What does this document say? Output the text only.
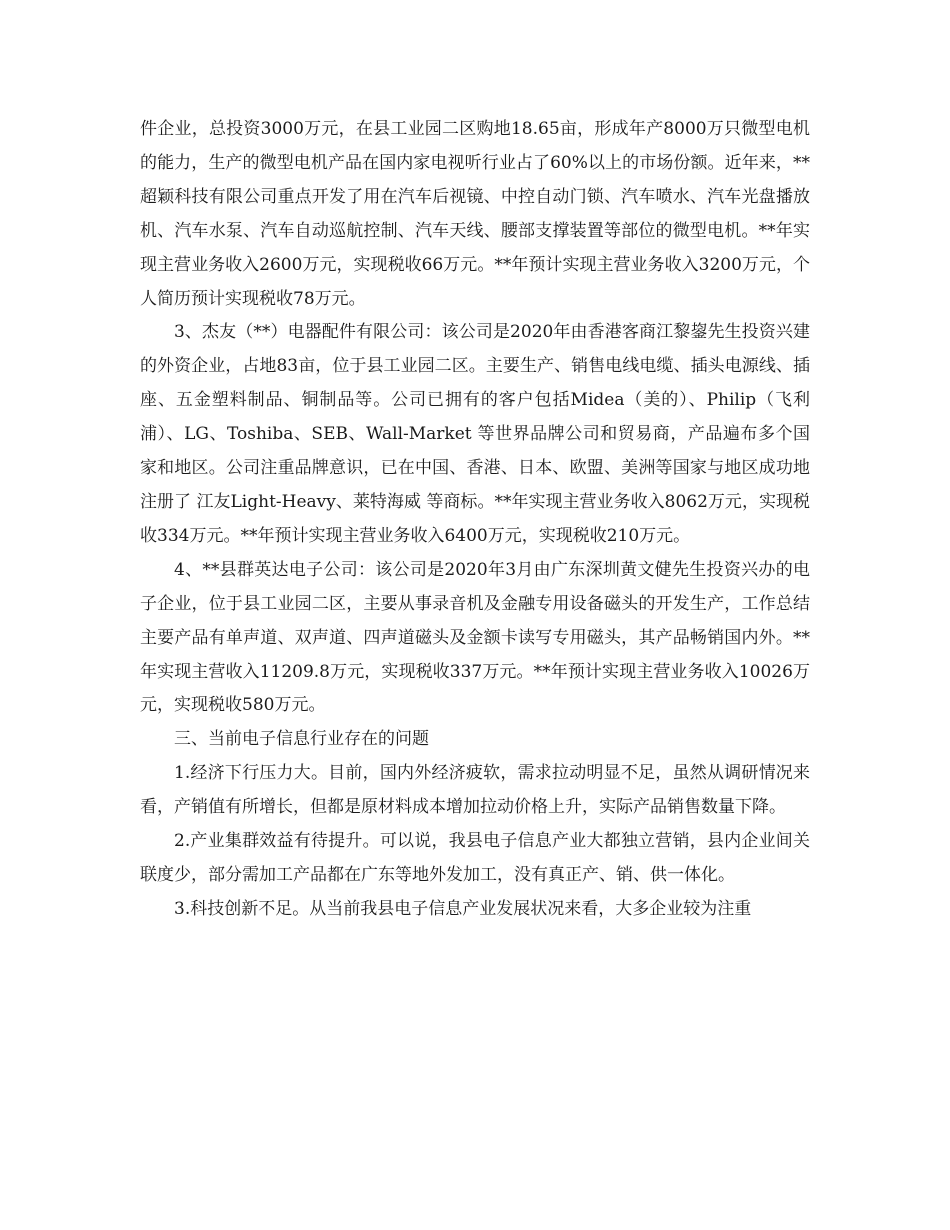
件企业，总投资3000万元，在县工业园二区购地18.65亩，形成年产8000万只微型电机的能力，生产的微型电机产品在国内家电视听行业占了60%以上的市场份额。近年来，**超颖科技有限公司重点开发了用在汽车后视镜、中控自动门锁、汽车喷水、汽车光盘播放机、汽车水泵、汽车自动巡航控制、汽车天线、腰部支撑装置等部位的微型电机。**年实现主营业务收入2600万元，实现税收66万元。**年预计实现主营业务收入3200万元，个人简历预计实现税收78万元。

3、杰友（**）电器配件有限公司：该公司是2020年由香港客商江黎鋆先生投资兴建的外资企业，占地83亩，位于县工业园二区。主要生产、销售电线电缆、插头电源线、插座、五金塑料制品、铜制品等。公司已拥有的客户包括Midea（美的）、Philip（飞利浦）、LG、Toshiba、SEB、Wall-Market 等世界品牌公司和贸易商，产品遍布多个国家和地区。公司注重品牌意识，已在中国、香港、日本、欧盟、美洲等国家与地区成功地注册了 江友Light-Heavy、莱特海威 等商标。**年实现主营业务收入8062万元，实现税收334万元。**年预计实现主营业务收入6400万元，实现税收210万元。

4、**县群英达电子公司：该公司是2020年3月由广东深圳黄文健先生投资兴办的电子企业，位于县工业园二区，主要从事录音机及金融专用设备磁头的开发生产，工作总结主要产品有单声道、双声道、四声道磁头及金额卡读写专用磁头，其产品畅销国内外。**年实现主营收入11209.8万元，实现税收337万元。**年预计实现主营业务收入10026万元，实现税收580万元。

三、当前电子信息行业存在的问题

1.经济下行压力大。目前，国内外经济疲软，需求拉动明显不足，虽然从调研情况来看，产销值有所增长，但都是原材料成本增加拉动价格上升，实际产品销售数量下降。

2.产业集群效益有待提升。可以说，我县电子信息产业大都独立营销，县内企业间关联度少，部分需加工产品都在广东等地外发加工，没有真正产、销、供一体化。

3.科技创新不足。从当前我县电子信息产业发展状况来看，大多企业较为注重
